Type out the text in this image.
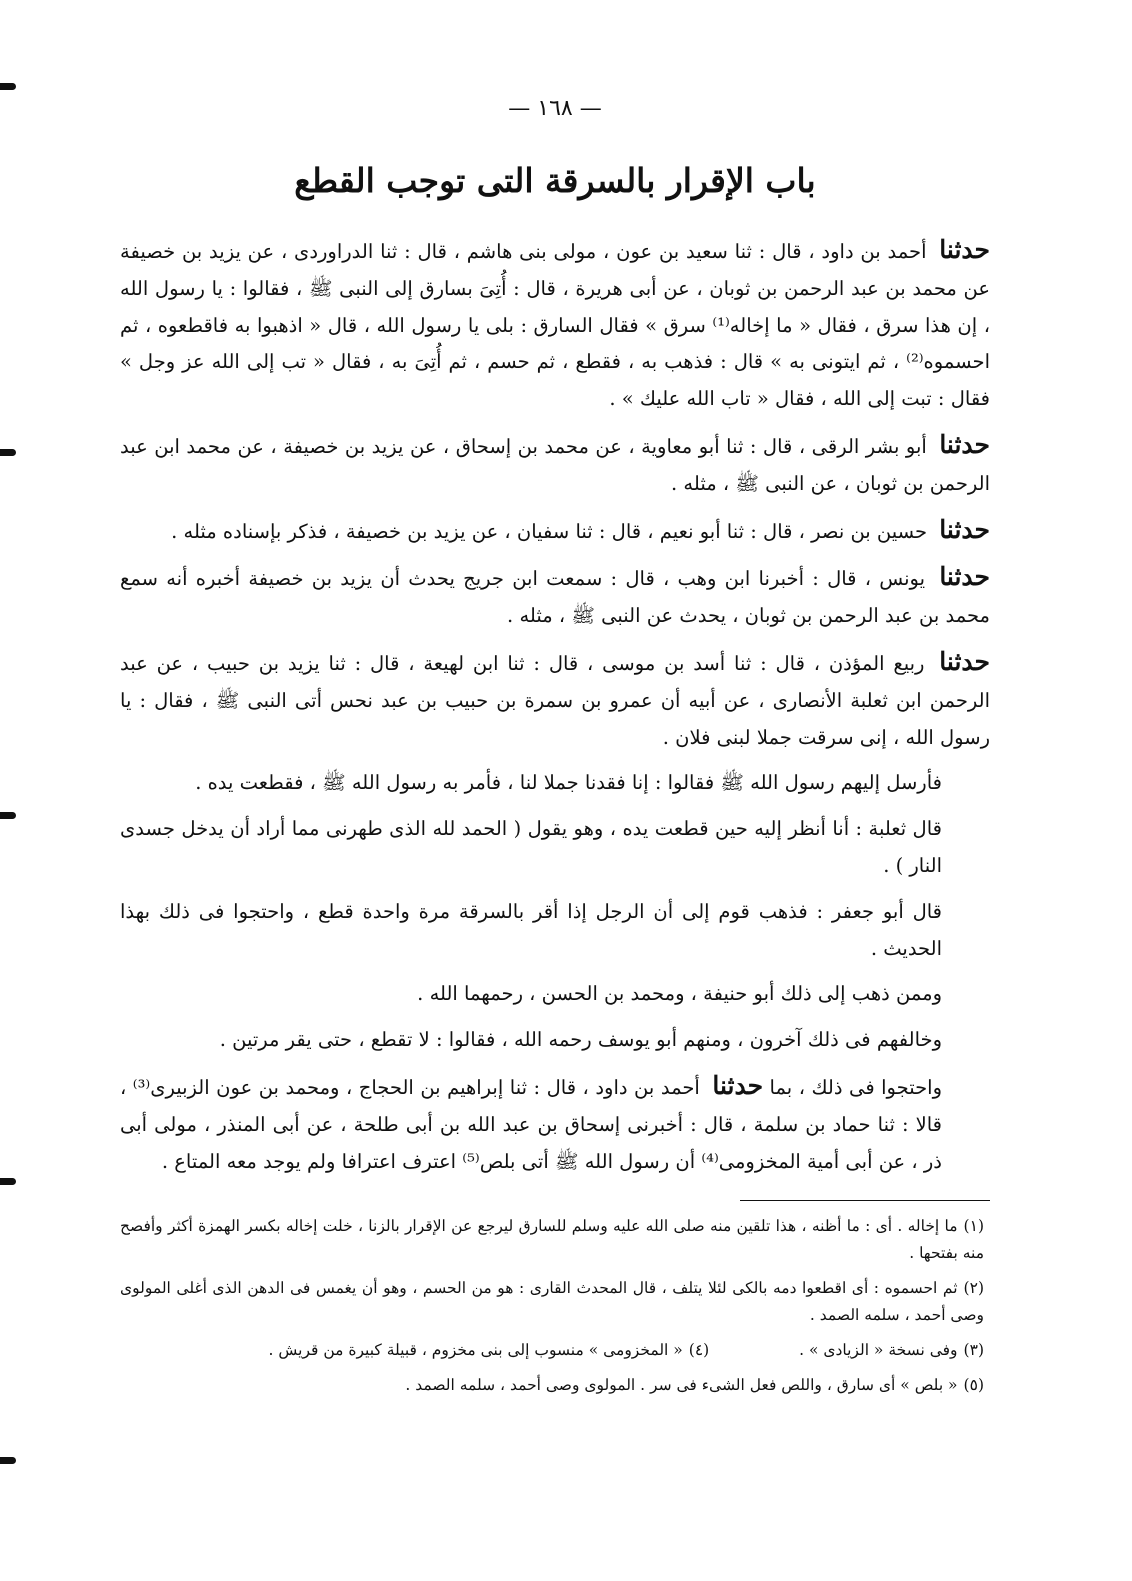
— ١٦٨ —
باب الإقرار بالسرقة التى توجب القطع

حدثنا أحمد بن داود ، قال : ثنا سعيد بن عون ، مولى بنى هاشم ، قال : ثنا الدراوردى ، عن يزيد بن خصيفة عن محمد بن عبد الرحمن بن ثوبان ، عن أبى هريرة ، قال : أُتِىَ بسارق إلى النبى ﷺ ، فقالوا : يا رسول الله ، إن هذا سرق ، فقال « ما إخاله⁽¹⁾ سرق » فقال السارق : بلى يا رسول الله ، قال « اذهبوا به فاقطعوه ، ثم احسموه⁽²⁾ ، ثم ايتونى به » قال : فذهب به ، فقطع ، ثم حسم ، ثم أُتِىَ به ، فقال « تب إلى الله عز وجل » فقال : تبت إلى الله ، فقال « تاب الله عليك » .

حدثنا أبو بشر الرقى ، قال : ثنا أبو معاوية ، عن محمد بن إسحاق ، عن يزيد بن خصيفة ، عن محمد ابن عبد الرحمن بن ثوبان ، عن النبى ﷺ ، مثله .

حدثنا حسين بن نصر ، قال : ثنا أبو نعيم ، قال : ثنا سفيان ، عن يزيد بن خصيفة ، فذكر بإسناده مثله .

حدثنا يونس ، قال : أخبرنا ابن وهب ، قال : سمعت ابن جريج يحدث أن يزيد بن خصيفة أخبره أنه سمع محمد بن عبد الرحمن بن ثوبان ، يحدث عن النبى ﷺ ، مثله .

حدثنا ربيع المؤذن ، قال : ثنا أسد بن موسى ، قال : ثنا ابن لهيعة ، قال : ثنا يزيد بن حبيب ، عن عبد الرحمن ابن ثعلبة الأنصارى ، عن أبيه أن عمرو بن سمرة بن حبيب بن عبد نحس أتى النبى ﷺ ، فقال : يا رسول الله ، إنى سرقت جملا لبنى فلان .

فأرسل إليهم رسول الله ﷺ فقالوا : إنا فقدنا جملا لنا ، فأمر به رسول الله ﷺ ، فقطعت يده .

قال ثعلبة : أنا أنظر إليه حين قطعت يده ، وهو يقول ( الحمد لله الذى طهرنى مما أراد أن يدخل جسدى النار ) .

قال أبو جعفر : فذهب قوم إلى أن الرجل إذا أقر بالسرقة مرة واحدة قطع ، واحتجوا فى ذلك بهذا الحديث .

وممن ذهب إلى ذلك أبو حنيفة ، ومحمد بن الحسن ، رحمهما الله .

وخالفهم فى ذلك آخرون ، ومنهم أبو يوسف رحمه الله ، فقالوا : لا تقطع ، حتى يقر مرتين .

واحتجوا فى ذلك ، بما حدثنا أحمد بن داود ، قال : ثنا إبراهيم بن الحجاج ، ومحمد بن عون الزبيرى⁽³⁾ ، قالا : ثنا حماد بن سلمة ، قال : أخبرنى إسحاق بن عبد الله بن أبى طلحة ، عن أبى المنذر ، مولى أبى ذر ، عن أبى أمية المخزومى⁽⁴⁾ أن رسول الله ﷺ أتى بلص⁽⁵⁾ اعترف اعترافا ولم يوجد معه المتاع .

(١)ما إخاله . أى : ما أظنه ، هذا تلقين منه صلى الله عليه وسلم للسارق ليرجع عن الإقرار بالزنا ، خلت إخاله بكسر الهمزة أكثر وأفصح منه بفتحها .

(٢)ثم احسموه : أى اقطعوا دمه بالكى لئلا يتلف ، قال المحدث القارى : هو من الحسم ، وهو أن يغمس فى الدهن الذى أغلى المولوى وصى أحمد ، سلمه الصمد .

(٣)وفى نسخة « الزيادى » .  (٤)« المخزومى » منسوب إلى بنى مخزوم ، قبيلة كبيرة من قريش .

(٥)« بلص » أى سارق ، واللص فعل الشىء فى سر . المولوى وصى أحمد ، سلمه الصمد .
